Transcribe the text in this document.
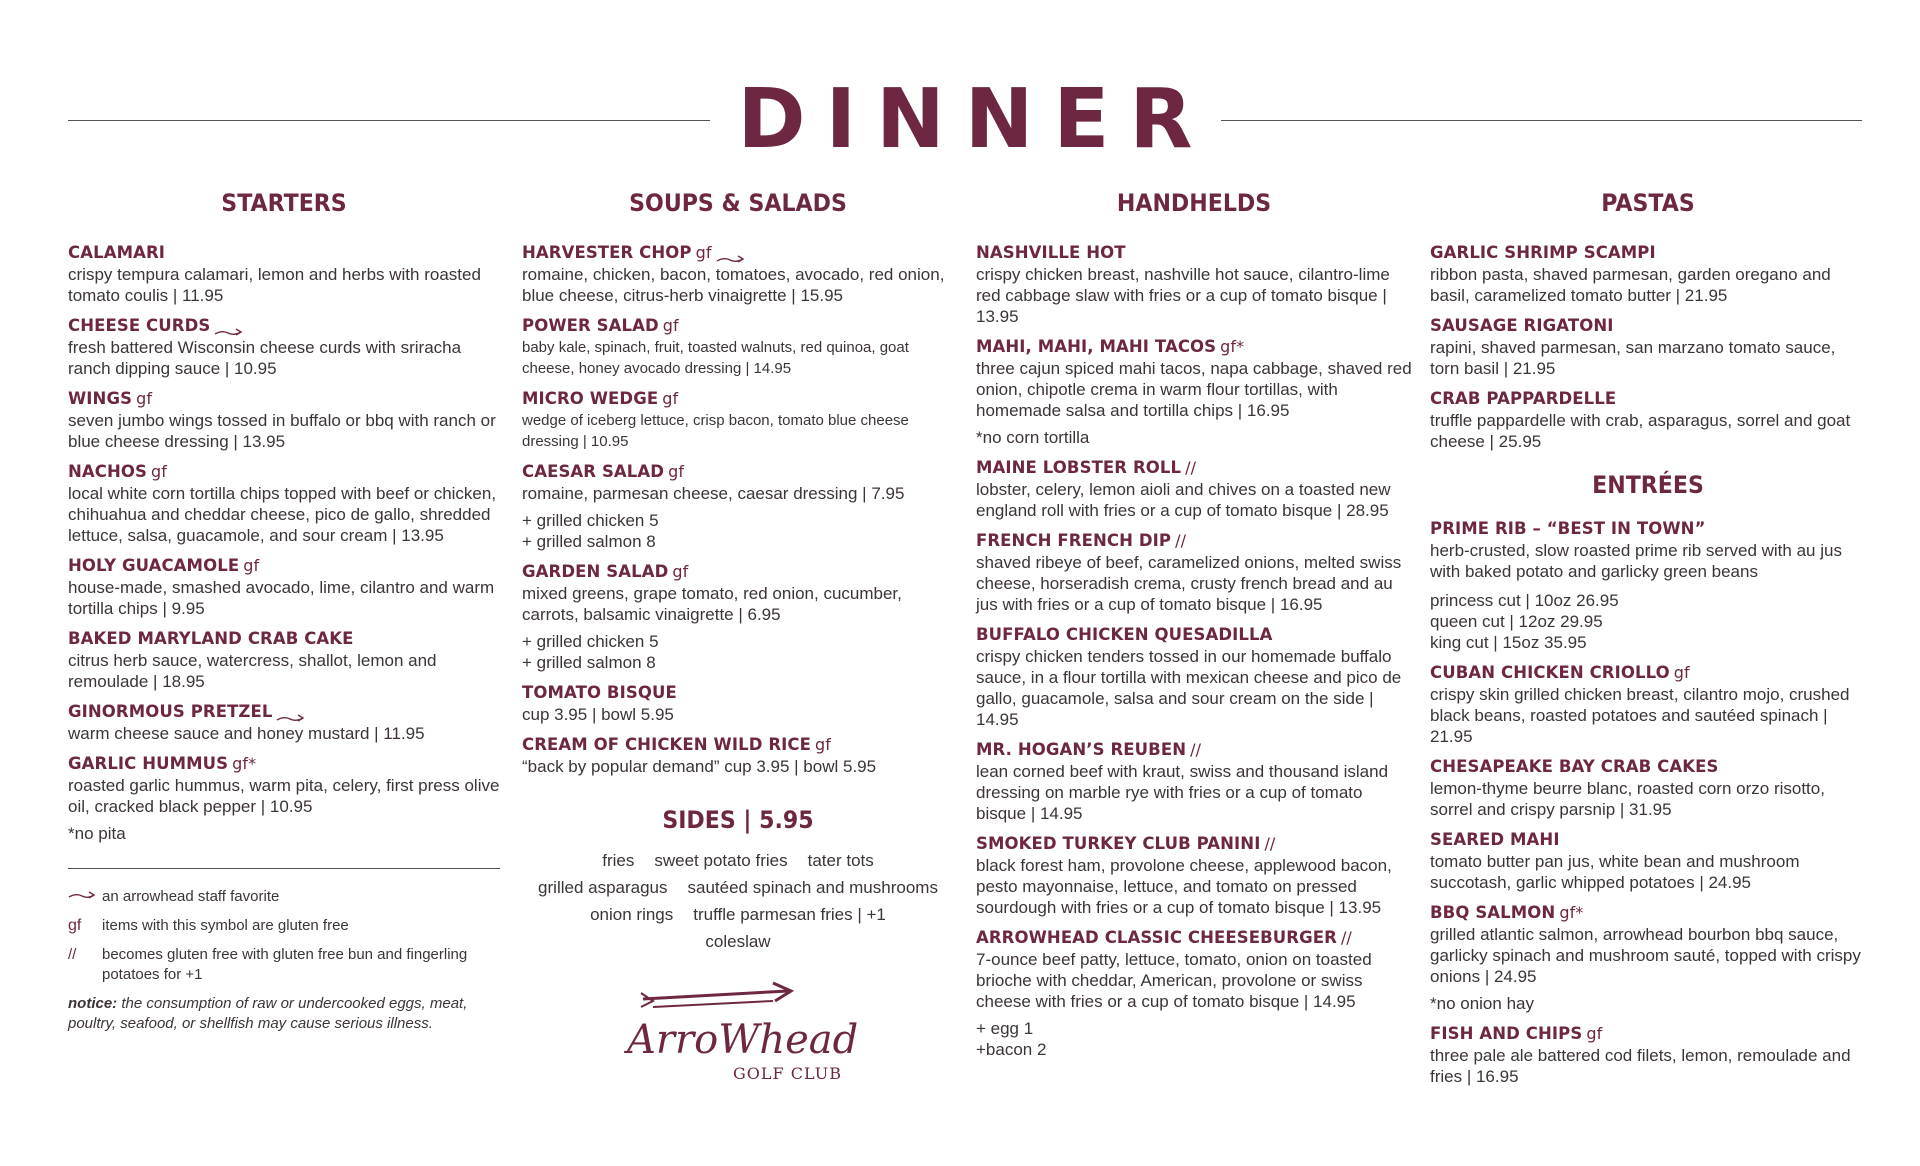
DINNER
STARTERS
CALAMARI
crispy tempura calamari, lemon and herbs with roasted tomato coulis | 11.95
CHEESE CURDS
fresh battered Wisconsin cheese curds with sriracha ranch dipping sauce | 10.95
WINGS gf
seven jumbo wings tossed in buffalo or bbq with ranch or blue cheese dressing | 13.95
NACHOS gf
local white corn tortilla chips topped with beef or chicken, chihuahua and cheddar cheese, pico de gallo, shredded lettuce, salsa, guacamole, and sour cream | 13.95
HOLY GUACAMOLE gf
house-made, smashed avocado, lime, cilantro and warm tortilla chips | 9.95
BAKED MARYLAND CRAB CAKE
citrus herb sauce, watercress, shallot, lemon and remoulade | 18.95
GINORMOUS PRETZEL
warm cheese sauce and honey mustard | 11.95
GARLIC HUMMUS gf*
roasted garlic hummus, warm pita, celery, first press olive oil, cracked black pepper | 10.95
*no pita
an arrowhead staff favorite
gf	items with this symbol are gluten free
//	becomes gluten free with gluten free bun and fingerling potatoes for +1
notice: the consumption of raw or undercooked eggs, meat, poultry, seafood, or shellfish may cause serious illness.
SOUPS & SALADS
HARVESTER CHOP gf
romaine, chicken, bacon, tomatoes, avocado, red onion, blue cheese, citrus-herb vinaigrette | 15.95
POWER SALAD gf
baby kale, spinach, fruit, toasted walnuts, red quinoa, goat cheese, honey avocado dressing | 14.95
MICRO WEDGE gf
wedge of iceberg lettuce, crisp bacon, tomato blue cheese dressing | 10.95
CAESAR SALAD gf
romaine, parmesan cheese, caesar dressing | 7.95
+ grilled chicken 5
+ grilled salmon 8
GARDEN SALAD gf
mixed greens, grape tomato, red onion, cucumber, carrots, balsamic vinaigrette | 6.95
+ grilled chicken 5
+ grilled salmon 8
TOMATO BISQUE
cup 3.95 | bowl 5.95
CREAM OF CHICKEN WILD RICE gf
“back by popular demand” cup 3.95 | bowl 5.95
SIDES | 5.95
fries sweet potato fries tater tots
grilled asparagus sautéed spinach and mushrooms
onion rings truffle parmesan fries | +1
coleslaw
ArroWhead
GOLF CLUB
HANDHELDS
NASHVILLE HOT
crispy chicken breast, nashville hot sauce, cilantro-lime red cabbage slaw with fries or a cup of tomato bisque | 13.95
MAHI, MAHI, MAHI TACOS gf*
three cajun spiced mahi tacos, napa cabbage, shaved red onion, chipotle crema in warm flour tortillas, with homemade salsa and tortilla chips | 16.95
*no corn tortilla
MAINE LOBSTER ROLL //
lobster, celery, lemon aioli and chives on a toasted new england roll with fries or a cup of tomato bisque | 28.95
FRENCH FRENCH DIP //
shaved ribeye of beef, caramelized onions, melted swiss cheese, horseradish crema, crusty french bread and au jus with fries or a cup of tomato bisque | 16.95
BUFFALO CHICKEN QUESADILLA
crispy chicken tenders tossed in our homemade buffalo sauce, in a flour tortilla with mexican cheese and pico de gallo, guacamole, salsa and sour cream on the side | 14.95
MR. HOGAN’S REUBEN //
lean corned beef with kraut, swiss and thousand island dressing on marble rye with fries or a cup of tomato bisque | 14.95
SMOKED TURKEY CLUB PANINI //
black forest ham, provolone cheese, applewood bacon, pesto mayonnaise, lettuce, and tomato on pressed sourdough with fries or a cup of tomato bisque | 13.95
ARROWHEAD CLASSIC CHEESEBURGER //
7-ounce beef patty, lettuce, tomato, onion on toasted brioche with cheddar, American, provolone or swiss cheese with fries or a cup of tomato bisque | 14.95
+ egg 1
+bacon 2
PASTAS
GARLIC SHRIMP SCAMPI
ribbon pasta, shaved parmesan, garden oregano and basil, caramelized tomato butter | 21.95
SAUSAGE RIGATONI
rapini, shaved parmesan, san marzano tomato sauce, torn basil | 21.95
CRAB PAPPARDELLE
truffle pappardelle with crab, asparagus, sorrel and goat cheese | 25.95
ENTRÉES
PRIME RIB – “BEST IN TOWN”
herb-crusted, slow roasted prime rib served with au jus with baked potato and garlicky green beans
princess cut | 10oz 26.95
queen cut | 12oz 29.95
king cut | 15oz 35.95
CUBAN CHICKEN CRIOLLO gf
crispy skin grilled chicken breast, cilantro mojo, crushed black beans, roasted potatoes and sautéed spinach | 21.95
CHESAPEAKE BAY CRAB CAKES
lemon-thyme beurre blanc, roasted corn orzo risotto, sorrel and crispy parsnip | 31.95
SEARED MAHI
tomato butter pan jus, white bean and mushroom succotash, garlic whipped potatoes | 24.95
BBQ SALMON gf*
grilled atlantic salmon, arrowhead bourbon bbq sauce, garlicky spinach and mushroom sauté, topped with crispy onions | 24.95
*no onion hay
FISH AND CHIPS gf
three pale ale battered cod filets, lemon, remoulade and fries | 16.95
